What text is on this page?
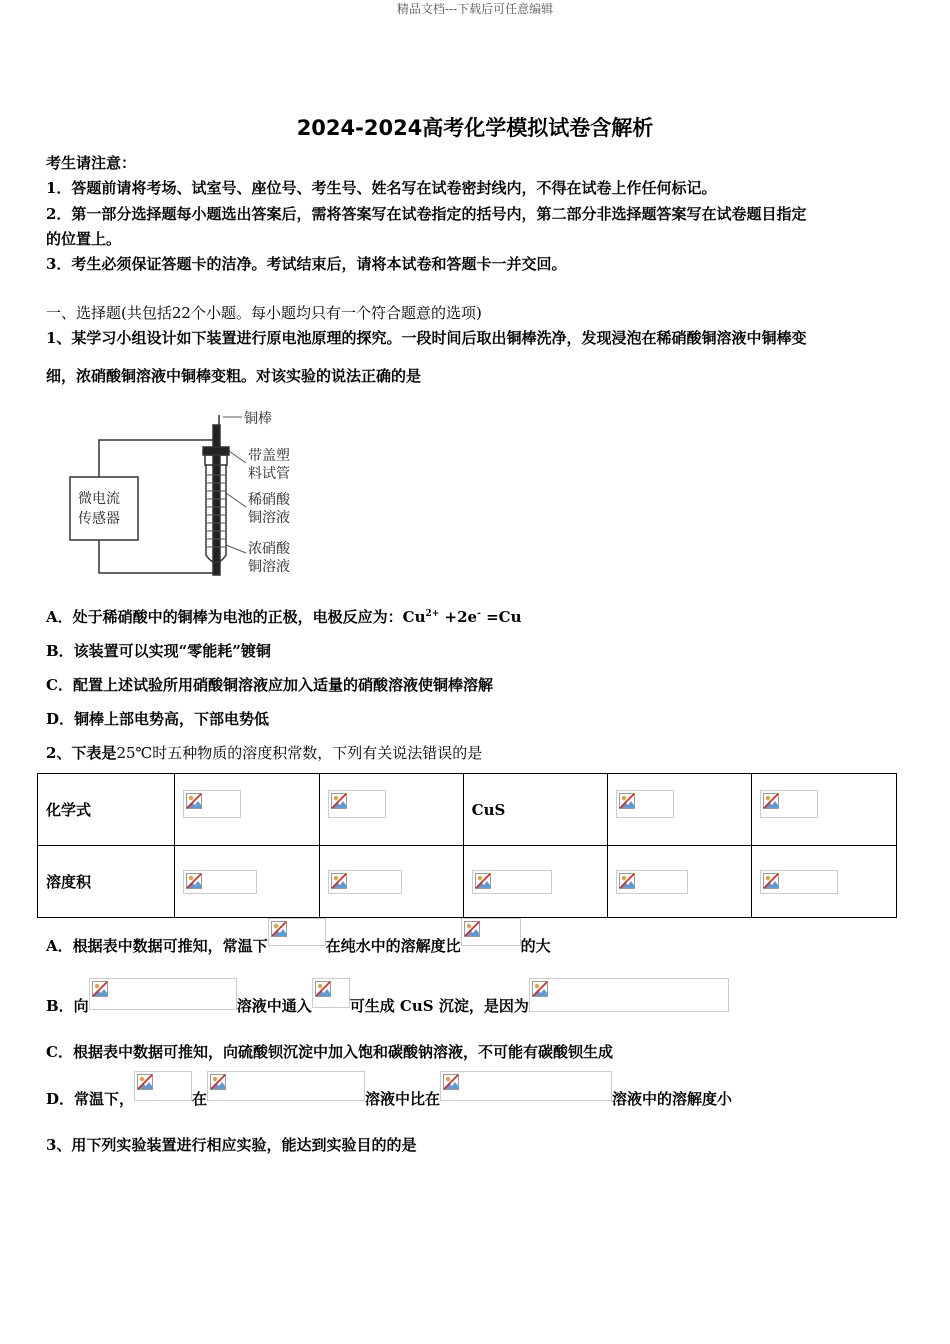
精品文档---下载后可任意编辑
2024-2024高考化学模拟试卷含解析
考生请注意：
1．答题前请将考场、试室号、座位号、考生号、姓名写在试卷密封线内，不得在试卷上作任何标记。
2．第一部分选择题每小题选出答案后，需将答案写在试卷指定的括号内，第二部分非选择题答案写在试卷题目指定
的位置上。
3．考生必须保证答题卡的洁净。考试结束后，请将本试卷和答题卡一并交回。
一、选择题(共包括22个小题。每小题均只有一个符合题意的选项)
1、某学习小组设计如下装置进行原电池原理的探究。一段时间后取出铜棒洗净，发现浸泡在稀硝酸铜溶液中铜棒变
细，浓硝酸铜溶液中铜棒变粗。对该实验的说法正确的是
微电流
传感器
铜棒
带盖塑
料试管
稀硝酸
铜溶液
浓硝酸
铜溶液
A．处于稀硝酸中的铜棒为电池的正极，电极反应为：$Cu^{2+} +2e^- =Cu$
B．该装置可以实现“零能耗”镀铜
C．配置上述试验所用硝酸铜溶液应加入适量的硝酸溶液使铜棒溶解
D．铜棒上部电势高，下部电势低
2、下表是25℃时五种物质的溶度积常数，下列有关说法错误的是
化学式			CuS	

溶度积	

A．根据表中数据可推知，常温下	在纯水中的溶解度比	的大
B．向	溶液中通入	可生成 CuS 沉淀，是因为
C．根据表中数据可推知，向硫酸钡沉淀中加入饱和碳酸钠溶液，不可能有碳酸钡生成
D．常温下，	在	溶液中比在	溶液中的溶解度小
3、用下列实验装置进行相应实验，能达到实验目的的是
